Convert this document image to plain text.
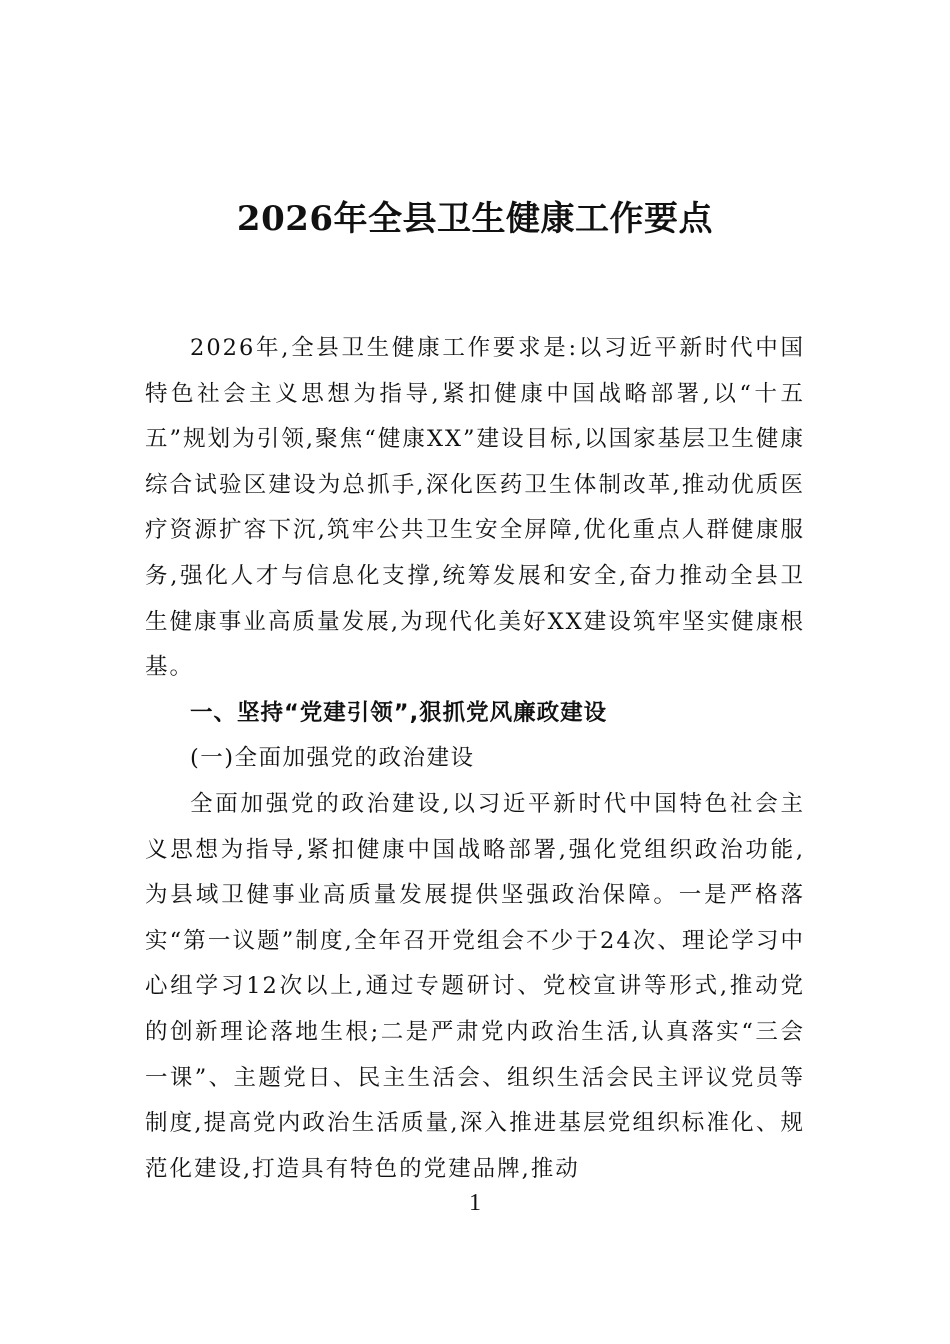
2026年全县卫生健康工作要点

2026年,全县卫生健康工作要求是:以习近平新时代中国特色社会主义思想为指导,紧扣健康中国战略部署,以“十五五”规划为引领,聚焦“健康XX”建设目标,以国家基层卫生健康综合试验区建设为总抓手,深化医药卫生体制改革,推动优质医疗资源扩容下沉,筑牢公共卫生安全屏障,优化重点人群健康服务,强化人才与信息化支撑,统筹发展和安全,奋力推动全县卫生健康事业高质量发展,为现代化美好XX建设筑牢坚实健康根基。

一、坚持“党建引领”,狠抓党风廉政建设

(一)全面加强党的政治建设

全面加强党的政治建设,以习近平新时代中国特色社会主义思想为指导,紧扣健康中国战略部署,强化党组织政治功能,为县域卫健事业高质量发展提供坚强政治保障。一是严格落实“第一议题”制度,全年召开党组会不少于24次、理论学习中心组学习12次以上,通过专题研讨、党校宣讲等形式,推动党的创新理论落地生根;二是严肃党内政治生活,认真落实“三会一课”、主题党日、民主生活会、组织生活会民主评议党员等制度,提高党内政治生活质量,深入推进基层党组织标准化、规范化建设,打造具有特色的党建品牌,推动

1
